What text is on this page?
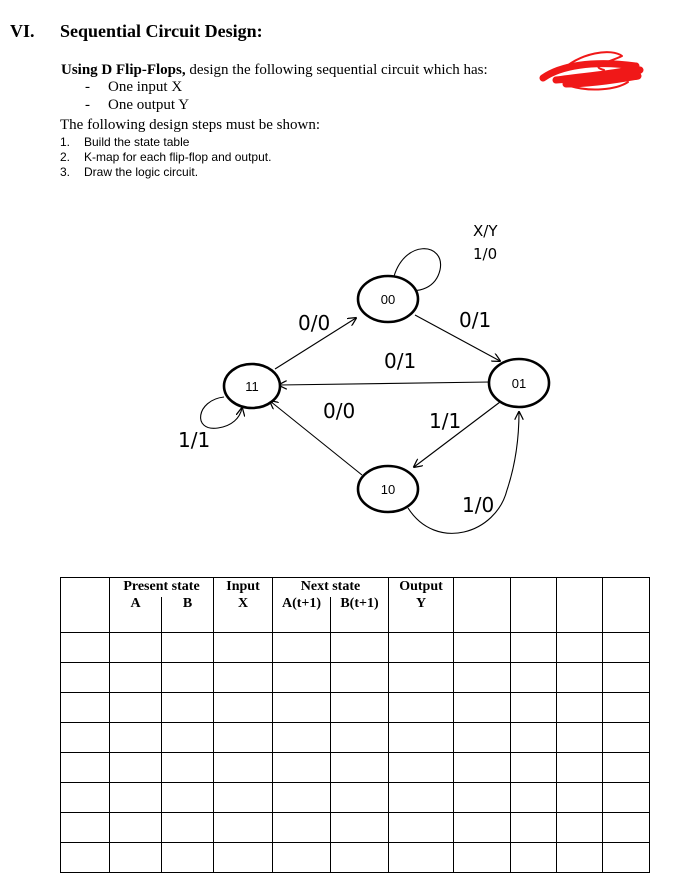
VI. Sequential Circuit Design:
Using D Flip-Flops, design the following sequential circuit which has:
- One input X
- One output Y
The following design steps must be shown:
1. Build the state table
2. K-map for each flip-flop and output.
3. Draw the logic circuit.
00
11	01
10
X/Y
1/0
0/0	0/1
0/1
0/0	1/1
1/1
1/0
	Present state		Input	Next state		Output				
	A	B	X	A(t+1)	B(t+1)	Y				
